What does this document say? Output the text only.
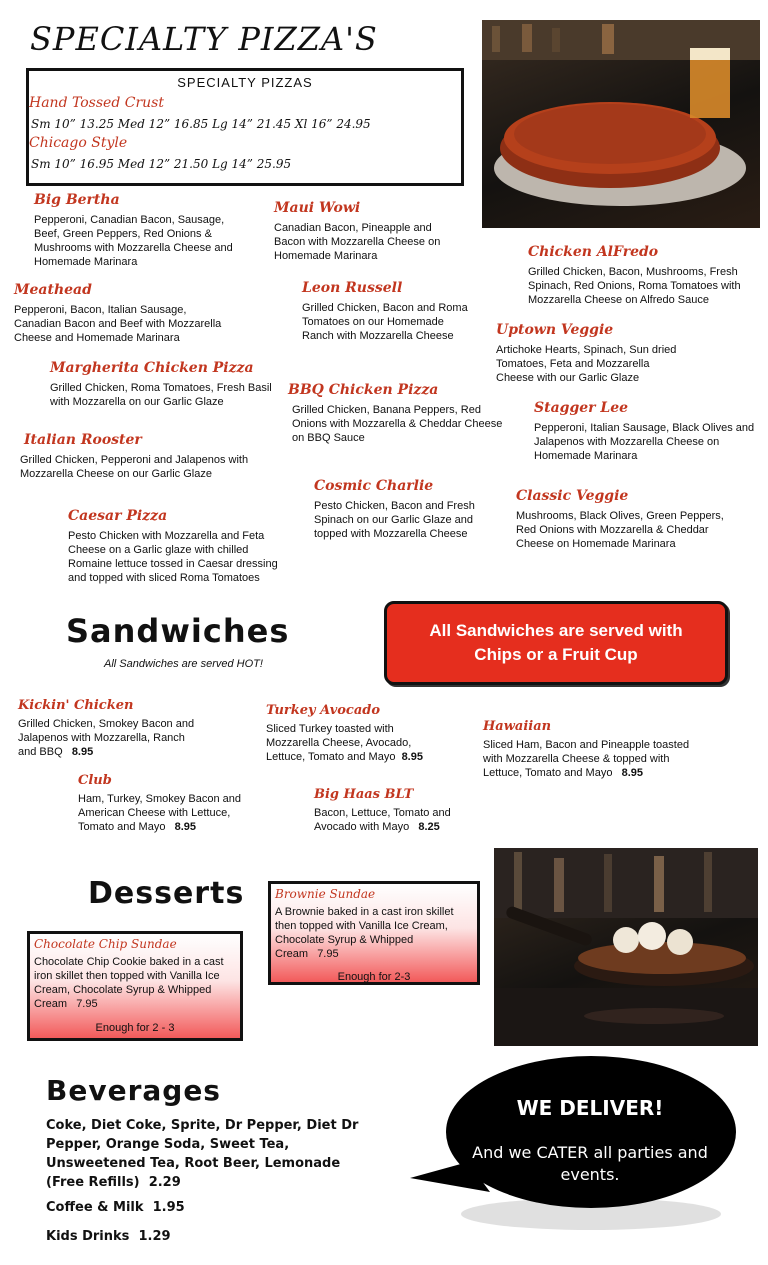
SPECIALTY PIZZA'S
SPECIALTY PIZZAS
Hand Tossed Crust
Sm 10” 13.25 Med 12” 16.85 Lg 14” 21.45 Xl 16” 24.95
Chicago Style
Sm 10” 16.95 Med 12” 21.50 Lg 14” 25.95
Big Bertha
Pepperoni, Canadian Bacon, Sausage, Beef, Green Peppers, Red Onions & Mushrooms with Mozzarella Cheese and Homemade Marinara
Maui Wowi
Canadian Bacon, Pineapple and Bacon with Mozzarella Cheese on Homemade Marinara	Chicken AlFredo
Grilled Chicken, Bacon, Mushrooms, Fresh Spinach, Red Onions, Roma Tomatoes with Mozzarella Cheese on Alfredo Sauce
Meathead
Pepperoni, Bacon, Italian Sausage, Canadian Bacon and Beef with Mozzarella Cheese and Homemade Marinara
Leon Russell
Grilled Chicken, Bacon and Roma Tomatoes on our Homemade Ranch with Mozzarella Cheese	Uptown Veggie
Artichoke Hearts, Spinach, Sun dried Tomatoes, Feta and Mozzarella Cheese with our Garlic Glaze
Margherita Chicken Pizza
Grilled Chicken, Roma Tomatoes, Fresh Basil with Mozzarella on our Garlic Glaze
BBQ Chicken Pizza
Grilled Chicken, Banana Peppers, Red Onions with Mozzarella & Cheddar Cheese on BBQ Sauce
Stagger Lee
Pepperoni, Italian Sausage, Black Olives and Jalapenos with Mozzarella Cheese on Homemade Marinara
Italian Rooster
Grilled Chicken, Pepperoni and Jalapenos with Mozzarella Cheese on our Garlic Glaze
Cosmic Charlie
Pesto Chicken, Bacon and Fresh Spinach on our Garlic Glaze and topped with Mozzarella Cheese
Classic Veggie
Mushrooms, Black Olives, Green Peppers, Red Onions with Mozzarella & Cheddar Cheese on Homemade Marinara
Caesar Pizza
Pesto Chicken with Mozzarella and Feta Cheese on a Garlic glaze with chilled Romaine lettuce tossed in Caesar dressing and topped with sliced Roma Tomatoes
Sandwiches
All Sandwiches are served HOT!
All Sandwiches are served with Chips or a Fruit Cup
Kickin' Chicken
Grilled Chicken, Smokey Bacon and Jalapenos with Mozzarella, Ranch and BBQ 8.95
Turkey Avocado
Sliced Turkey toasted with Mozzarella Cheese, Avocado, Lettuce, Tomato and Mayo 8.95
Hawaiian
Sliced Ham, Bacon and Pineapple toasted with Mozzarella Cheese & topped with Lettuce, Tomato and Mayo 8.95
Club
Ham, Turkey, Smokey Bacon and American Cheese with Lettuce, Tomato and Mayo 8.95
Big Haas BLT
Bacon, Lettuce, Tomato and Avocado with Mayo 8.25
Desserts
Chocolate Chip Sundae
Chocolate Chip Cookie baked in a cast iron skillet then topped with Vanilla Ice Cream, Chocolate Syrup & Whipped Cream 7.95
Enough for 2 - 3
Brownie Sundae
A Brownie baked in a cast iron skillet then topped with Vanilla Ice Cream, Chocolate Syrup & Whipped Cream 7.95
Enough for 2-3
Beverages
Coke, Diet Coke, Sprite, Dr Pepper, Diet Dr Pepper, Orange Soda, Sweet Tea, Unsweetened Tea, Root Beer, Lemonade
(Free Refills) 2.29
Coffee & Milk 1.95
Kids Drinks 1.29
WE DELIVER!
And we CATER all parties and events.
